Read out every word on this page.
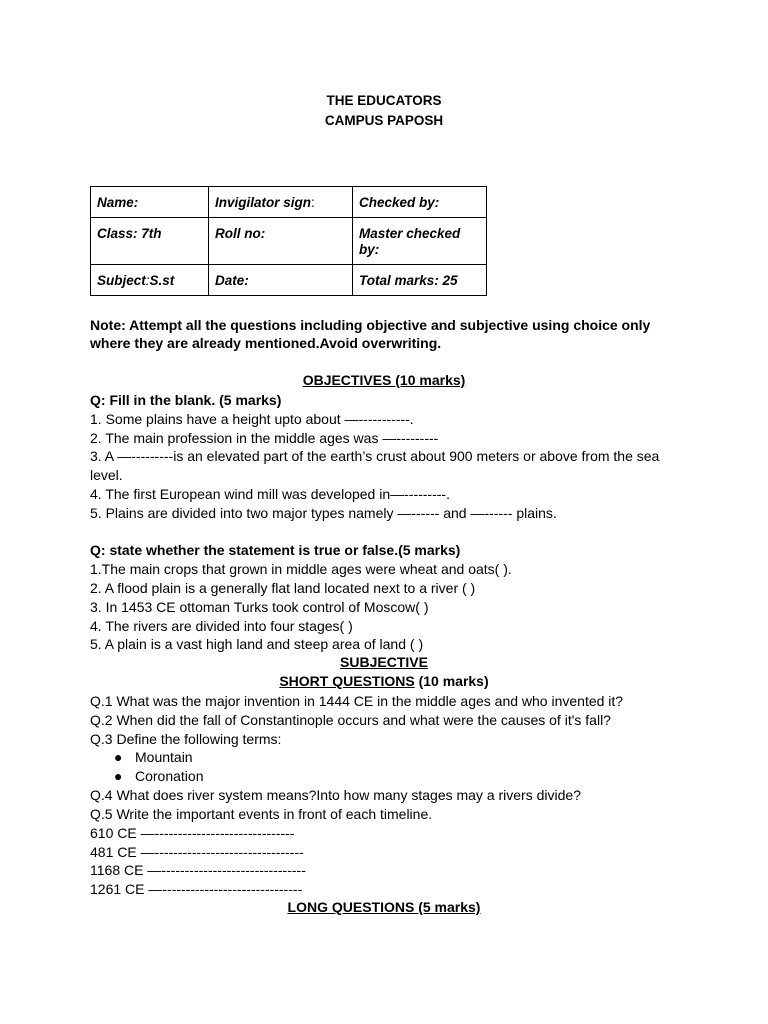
THE EDUCATORS
CAMPUS PAPOSH
Name:	Invigilator sign:	Checked by:
Class: 7th	Roll no:	Master checked by:
Subject:S.st	Date:	Total marks: 25
Note: Attempt all the questions including objective and subjective using choice only
where they are already mentioned.Avoid overwriting.
OBJECTIVES (10 marks)
Q: Fill in the blank. (5 marks)
1. Some plains have a height upto about —-----------.
2. The main profession in the middle ages was —---------
3. A —---------is an elevated part of the earth’s crust about 900 meters or above from the sea
level.
4. The first European wind mill was developed in—---------.
5. Plains are divided into two major types namely —------ and —------ plains.
Q: state whether the statement is true or false.(5 marks)
1.The main crops that grown in middle ages were wheat and oats( ).
2. A flood plain is a generally flat land located next to a river ( )
3. In 1453 CE ottoman Turks took control of Moscow( )
4. The rivers are divided into four stages( )
5. A plain is a vast high land and steep area of land ( )
SUBJECTIVE
SHORT QUESTIONS (10 marks)
Q.1 What was the major invention in 1444 CE in the middle ages and who invented it?
Q.2 When did the fall of Constantinople occurs and what were the causes of it's fall?
Q.3 Define the following terms:
● Mountain
● Coronation
Q.4 What does river system means?Into how many stages may a rivers divide?
Q.5 Write the important events in front of each timeline.
610 CE —------------------------------
481 CE —--------------------------------
1168 CE —-------------------------------
1261 CE —------------------------------
LONG QUESTIONS (5 marks)
